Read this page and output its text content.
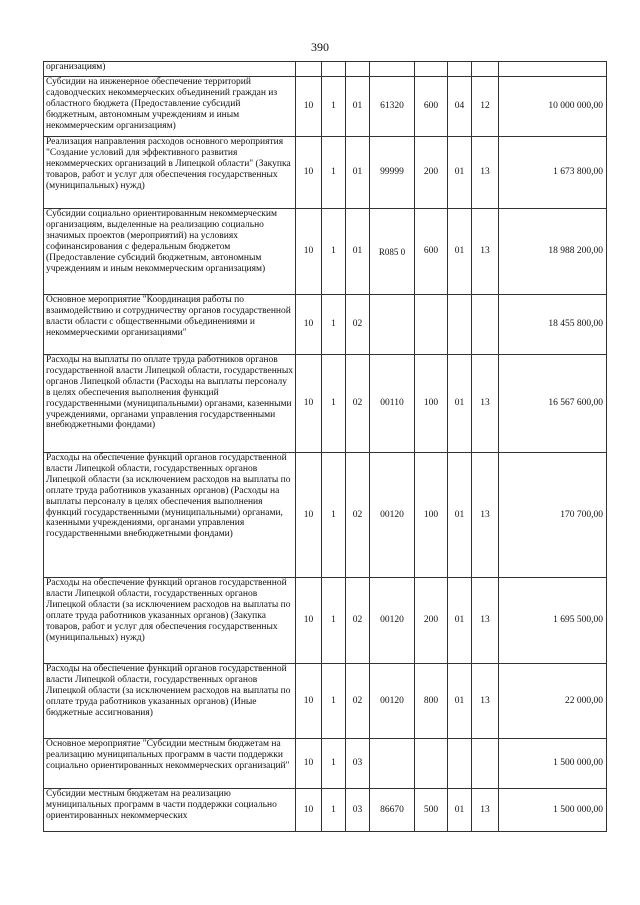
390
организациям)								
Субсидии на инженерное обеспечение территорий садоводческих некоммерческих объединений граждан из областного бюджета (Предоставление субсидий бюджетным, автономным учреждениям и иным некоммерческим организациям)	10	1	01	61320	600	04	12	10 000 000,00
Реализация направления расходов основного мероприятия "Создание условий для эффективного развития некоммерческих организаций в Липецкой области" (Закупка товаров, работ и услуг для обеспечения государственных (муниципальных) нужд)	10	1	01	99999	200	01	13	1 673 800,00
Субсидии социально ориентированным некоммерческим организациям, выделенные на реализацию социально значимых проектов (мероприятий) на условиях софинансирования с федеральным бюджетом (Предоставление субсидий бюджетным, автономным учреждениям и иным некоммерческим организациям)	10	1	01	R085 0	600	01	13	18 988 200,00
Основное мероприятие "Координация работы по взаимодействию и сотрудничеству органов государственной власти области с общественными объединениями и некоммерческими организациями"	10	1	02					18 455 800,00
Расходы на выплаты по оплате труда работников органов государственной власти Липецкой области, государственных органов Липецкой области (Расходы на выплаты персоналу в целях обеспечения выполнения функций государственными (муниципальными) органами, казенными учреждениями, органами управления государственными внебюджетными фондами)	10	1	02	00110	100	01	13	16 567 600,00
Расходы на обеспечение функций органов государственной власти Липецкой области, государственных органов Липецкой области (за исключением расходов на выплаты по оплате труда работников указанных органов) (Расходы на выплаты персоналу в целях обеспечения выполнения функций государственными (муниципальными) органами, казенными учреждениями, органами управления государственными внебюджетными фондами)	10	1	02	00120	100	01	13	170 700,00
Расходы на обеспечение функций органов государственной власти Липецкой области, государственных органов Липецкой области (за исключением расходов на выплаты по оплате труда работников указанных органов) (Закупка товаров, работ и услуг для обеспечения государственных (муниципальных) нужд)	10	1	02	00120	200	01	13	1 695 500,00
Расходы на обеспечение функций органов государственной власти Липецкой области, государственных органов Липецкой области (за исключением расходов на выплаты по оплате труда работников указанных органов) (Иные бюджетные ассигнования)	10	1	02	00120	800	01	13	22 000,00
Основное мероприятие "Субсидии местным бюджетам на реализацию муниципальных программ в части поддержки социально ориентированных некоммерческих организаций"	10	1	03					1 500 000,00
Субсидии местным бюджетам на реализацию муниципальных программ в части поддержки социально ориентированных некоммерческих	10	1	03	86670	500	01	13	1 500 000,00
